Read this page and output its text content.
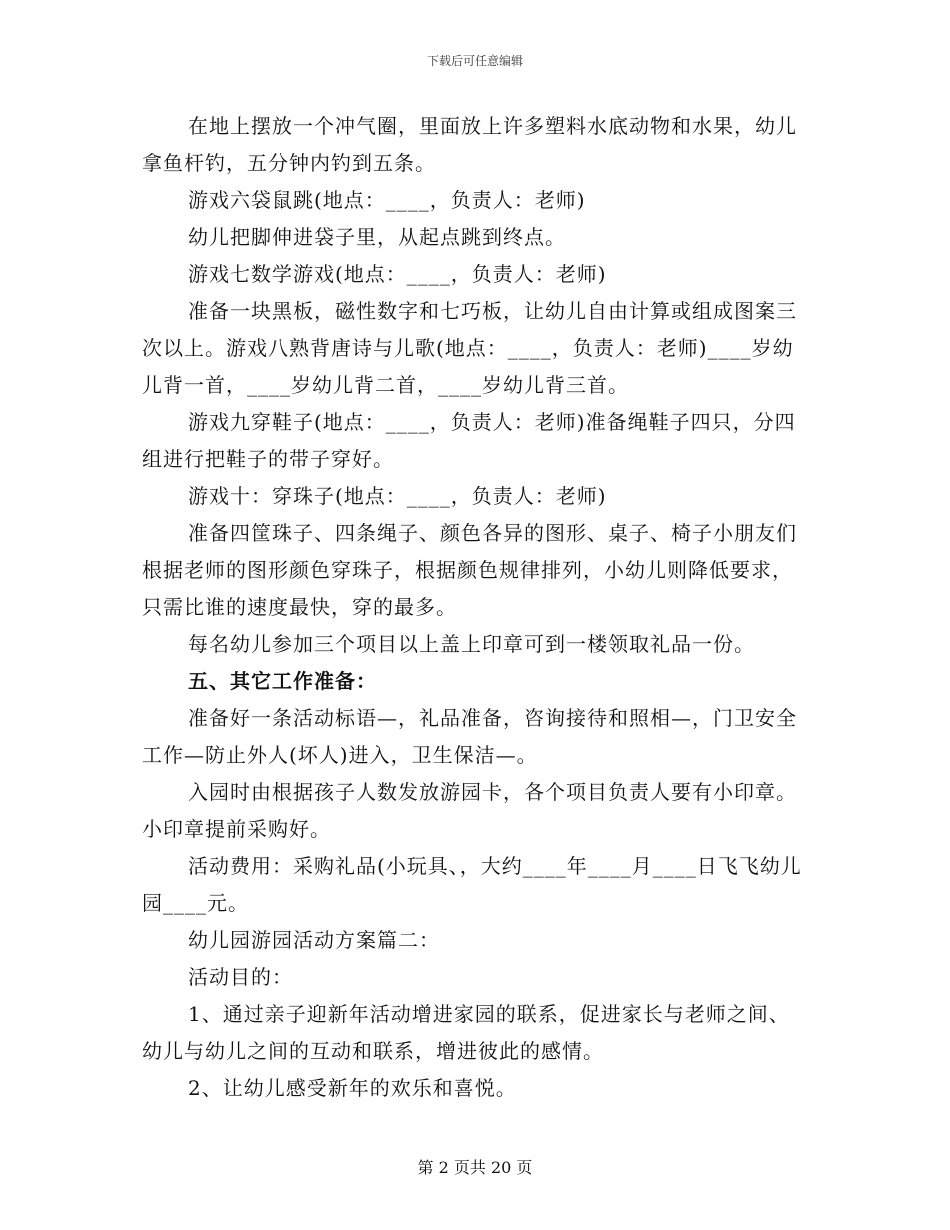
下载后可任意编辑

在地上摆放一个冲气圈，里面放上许多塑料水底动物和水果，幼儿拿鱼杆钓，五分钟内钓到五条。

游戏六袋鼠跳(地点：____，负责人：老师)

幼儿把脚伸进袋子里，从起点跳到终点。

游戏七数学游戏(地点：____，负责人：老师)

准备一块黑板，磁性数字和七巧板，让幼儿自由计算或组成图案三次以上。游戏八熟背唐诗与儿歌(地点：____，负责人：老师)____岁幼儿背一首，____岁幼儿背二首，____岁幼儿背三首。

游戏九穿鞋子(地点：____，负责人：老师)准备绳鞋子四只，分四组进行把鞋子的带子穿好。

游戏十：穿珠子(地点：____，负责人：老师)

准备四筐珠子、四条绳子、颜色各异的图形、桌子、椅子小朋友们根据老师的图形颜色穿珠子，根据颜色规律排列，小幼儿则降低要求，只需比谁的速度最快，穿的最多。

每名幼儿参加三个项目以上盖上印章可到一楼领取礼品一份。

五、其它工作准备：

准备好一条活动标语—，礼品准备，咨询接待和照相—，门卫安全工作—防止外人(坏人)进入，卫生保洁—。

入园时由根据孩子人数发放游园卡，各个项目负责人要有小印章。小印章提前采购好。

活动费用：采购礼品(小玩具、，大约____年____月____日飞飞幼儿园____元。

幼儿园游园活动方案篇二：

活动目的：

1、通过亲子迎新年活动增进家园的联系，促进家长与老师之间、幼儿与幼儿之间的互动和联系，增进彼此的感情。

2、让幼儿感受新年的欢乐和喜悦。

第 2 页共 20 页
